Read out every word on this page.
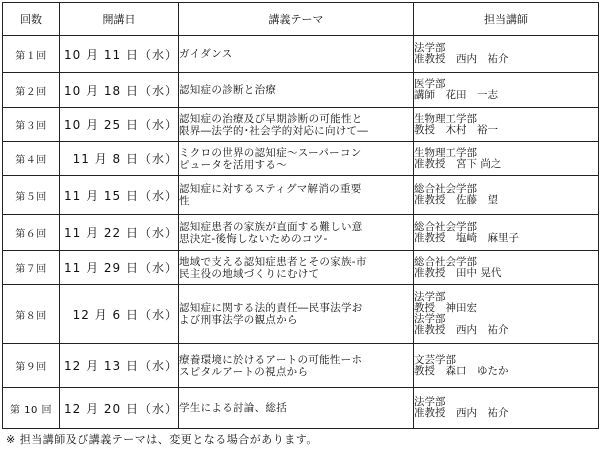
回数	開講日	講義テーマ	担当講師
第１回	10 月 11 日（水）	ガイダンス	法学部
准教授　西内　祐介

第２回	10 月 18 日（水）	認知症の診断と治療	医学部
講師　花田　一志

第３回	10 月 25 日（水）	認知症の治療及び早期診断の可能性と
限界―法学的･社会学的対応に向けて―	生物理工学部
教授　木村　裕一

第４回	11 月 8 日（水）	ミクロの世界の認知症～スーパーコン
ピュータを活用する～	生物理工学部
准教授　宮下 尚之

第５回	11 月 15 日（水）	認知症に対するスティグマ解消の重要
性	総合社会学部
准教授　佐藤　望

第６回	11 月 22 日（水）	認知症患者の家族が直面する難しい意
思決定-後悔しないためのコツ-	総合社会学部
准教授　塩崎　麻里子

第７回	11 月 29 日（水）	地域で支える認知症患者とその家族-市
民主役の地域づくりにむけて	総合社会学部
准教授　田中 晃代

第８回	12 月 6 日（水）	認知症に関する法的責任―民事法学お
よび刑事法学の観点から	法学部
教授　神田宏
法学部
准教授　西内　祐介

第９回	12 月 13 日（水）	療養環境に於けるアートの可能性ーホ
スピタルアートの視点から	文芸学部
教授　森口　ゆたか

第 10 回	12 月 20 日（水）	学生による討論、総括	法学部
准教授　西内　祐介
※ 担当講師及び講義テーマは、変更となる場合があります。
